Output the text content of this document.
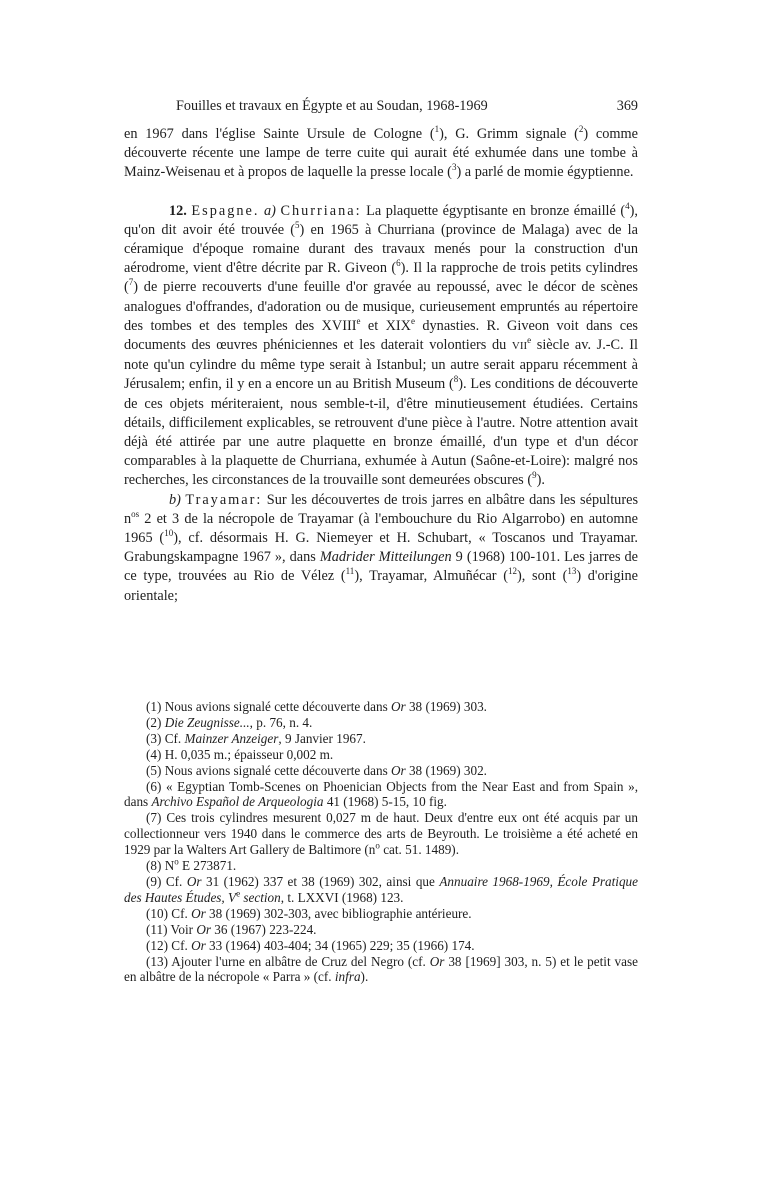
Fouilles et travaux en Égypte et au Soudan, 1968-1969	369

en 1967 dans l'église Sainte Ursule de Cologne ($^1$), G. Grimm signale ($^2$) comme découverte récente une lampe de terre cuite qui aurait été exhumée dans une tombe à Mainz-Weisenau et à propos de laquelle la presse locale ($^3$) a parlé de momie égyptienne.

12. Espagne. a) Churriana: La plaquette égyptisante en bronze émaillé ($^4$), qu'on dit avoir été trouvée ($^5$) en 1965 à Churriana (province de Malaga) avec de la céramique d'époque romaine durant des travaux menés pour la construction d'un aérodrome, vient d'être décrite par R. Giveon ($^6$). Il la rapproche de trois petits cylindres ($^7$) de pierre recouverts d'une feuille d'or gravée au repoussé, avec le décor de scènes analogues d'offrandes, d'adoration ou de musique, curieusement empruntés au répertoire des tombes et des temples des XVIIIe et XIXe dynasties. R. Giveon voit dans ces documents des œuvres phéniciennes et les daterait volontiers du VIIe siècle av. J.-C. Il note qu'un cylindre du même type serait à Istanbul; un autre serait apparu récemment à Jérusalem; enfin, il y en a encore un au British Museum ($^8$). Les conditions de découverte de ces objets mériteraient, nous semble-t-il, d'être minutieusement étudiées. Certains détails, difficilement explicables, se retrouvent d'une pièce à l'autre. Notre attention avait déjà été attirée par une autre plaquette en bronze émaillé, d'un type et d'un décor comparables à la plaquette de Churriana, exhumée à Autun (Saône-et-Loire): malgré nos recherches, les circonstances de la trouvaille sont demeurées obscures ($^9$).

b) Trayamar: Sur les découvertes de trois jarres en albâtre dans les sépultures $n^{os}$ 2 et 3 de la nécropole de Trayamar (à l'embouchure du Rio Algarrobo) en automne 1965 ($^{10}$), cf. désormais H. G. Niemeyer et H. Schubart, « Toscanos und Trayamar. Grabungskampagne 1967 », dans Madrider Mitteilungen 9 (1968) 100-101. Les jarres de ce type, trouvées au Rio de Vélez ($^{11}$), Trayamar, Almuñécar ($^{12}$), sont ($^{13}$) d'origine orientale;

(1) Nous avions signalé cette découverte dans Or 38 (1969) 303.

(2) Die Zeugnisse..., p. 76, n. 4.

(3) Cf. Mainzer Anzeiger, 9 Janvier 1967.

(4) H. 0,035 m.; épaisseur 0,002 m.

(5) Nous avions signalé cette découverte dans Or 38 (1969) 302.

(6) « Egyptian Tomb-Scenes on Phoenician Objects from the Near East and from Spain », dans Archivo Español de Arqueologia 41 (1968) 5-15, 10 fig.

(7) Ces trois cylindres mesurent 0,027 m de haut. Deux d'entre eux ont été acquis par un collectionneur vers 1940 dans le commerce des arts de Beyrouth. Le troisième a été acheté en 1929 par la Walters Art Gallery de Baltimore ($n^o$ cat. 51. 1489).

(8) $N^o$ E 273871.

(9) Cf. Or 31 (1962) 337 et 38 (1969) 302, ainsi que Annuaire 1968-1969, École Pratique des Hautes Études, Ve section, t. LXXVI (1968) 123.

(10) Cf. Or 38 (1969) 302-303, avec bibliographie antérieure.

(11) Voir Or 36 (1967) 223-224.

(12) Cf. Or 33 (1964) 403-404; 34 (1965) 229; 35 (1966) 174.

(13) Ajouter l'urne en albâtre de Cruz del Negro (cf. Or 38 [1969] 303, n. 5) et le petit vase en albâtre de la nécropole « Parra » (cf. infra).
